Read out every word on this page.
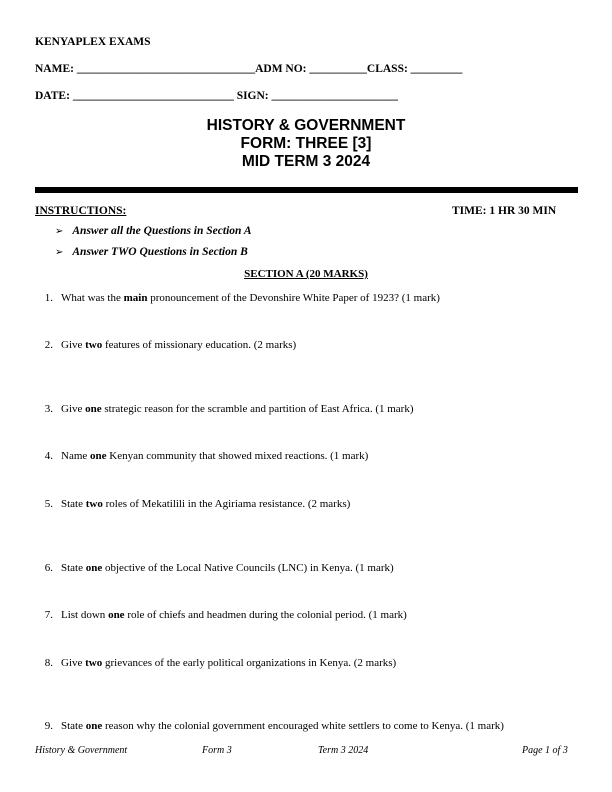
KENYAPLEX EXAMS
NAME: _______________________________ADM NO: __________CLASS: _________
DATE: ____________________________ SIGN: ______________________
HISTORY & GOVERNMENT
FORM: THREE [3]
MID TERM 3 2024
INSTRUCTIONS:	TIME: 1 HR 30 MIN
➢ Answer all the Questions in Section A
➢ Answer TWO Questions in Section B
SECTION A (20 MARKS)
1. What was the main pronouncement of the Devonshire White Paper of 1923? (1 mark)
2. Give two features of missionary education. (2 marks)
3. Give one strategic reason for the scramble and partition of East Africa. (1 mark)
4. Name one Kenyan community that showed mixed reactions. (1 mark)
5. State two roles of Mekatilili in the Agiriama resistance. (2 marks)
6. State one objective of the Local Native Councils (LNC) in Kenya. (1 mark)
7. List down one role of chiefs and headmen during the colonial period. (1 mark)
8. Give two grievances of the early political organizations in Kenya. (2 marks)
9. State one reason why the colonial government encouraged white settlers to come to Kenya. (1 mark)
History & Government	Form 3	Term 3 2024	Page 1 of 3
